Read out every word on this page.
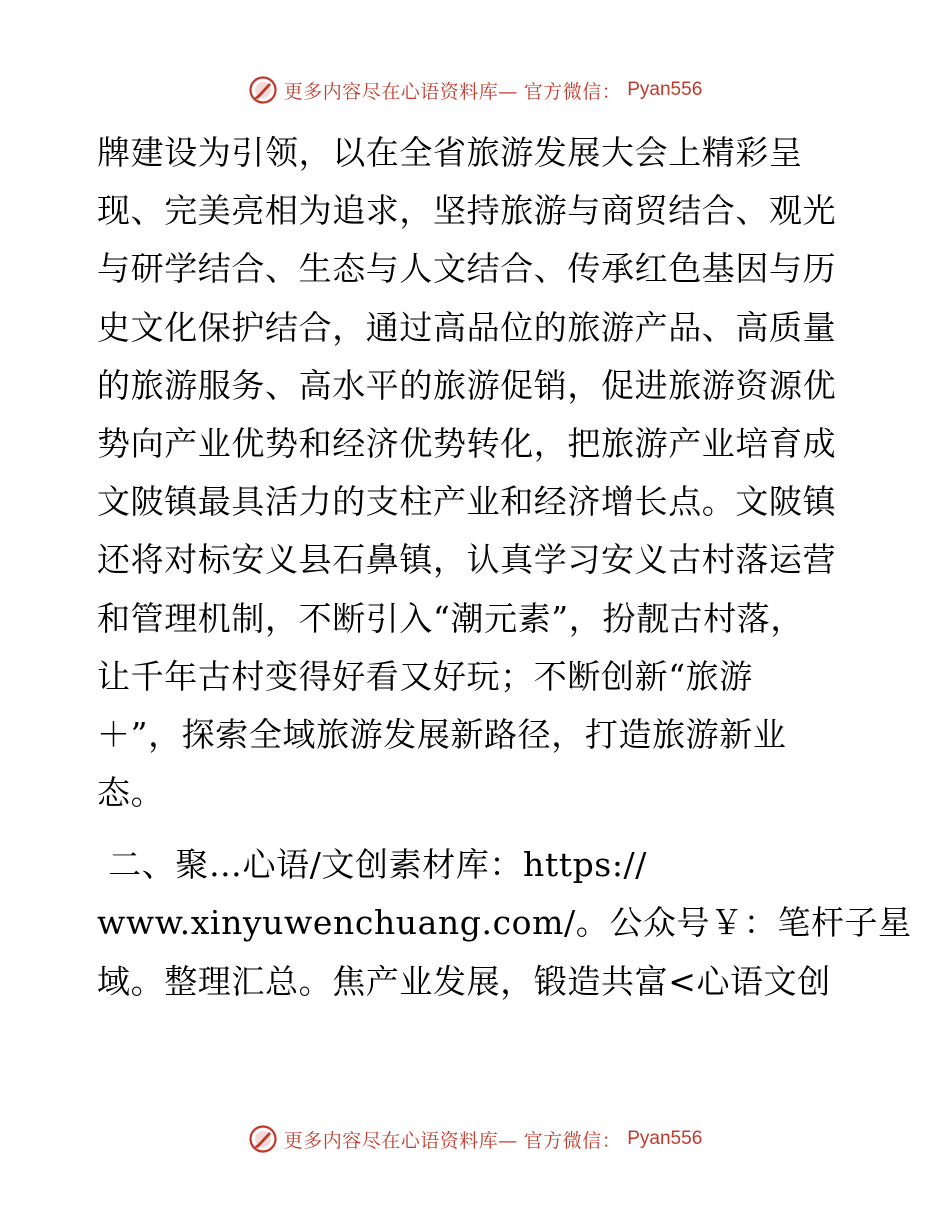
更多内容尽在心语资料库— 官方微信： Pyan556
牌建设为引领，以在全省旅游发展大会上精彩呈
现、完美亮相为追求，坚持旅游与商贸结合、观光
与研学结合、生态与人文结合、传承红色基因与历
史文化保护结合，通过高品位的旅游产品、高质量
的旅游服务、高水平的旅游促销，促进旅游资源优
势向产业优势和经济优势转化，把旅游产业培育成
文陂镇最具活力的支柱产业和经济增长点。文陂镇
还将对标安义县石鼻镇，认真学习安义古村落运营
和管理机制，不断引入“潮元素”，扮靓古村落，
让千年古村变得好看又好玩；不断创新“旅游
＋”，探索全域旅游发展新路径，打造旅游新业
态。
二、聚…心语/文创素材库：https://
www.xinyuwenchuang.com/。公众号￥：笔杆子星
域。整理汇总。焦产业发展，锻造共富<心语文创
更多内容尽在心语资料库— 官方微信： Pyan556
